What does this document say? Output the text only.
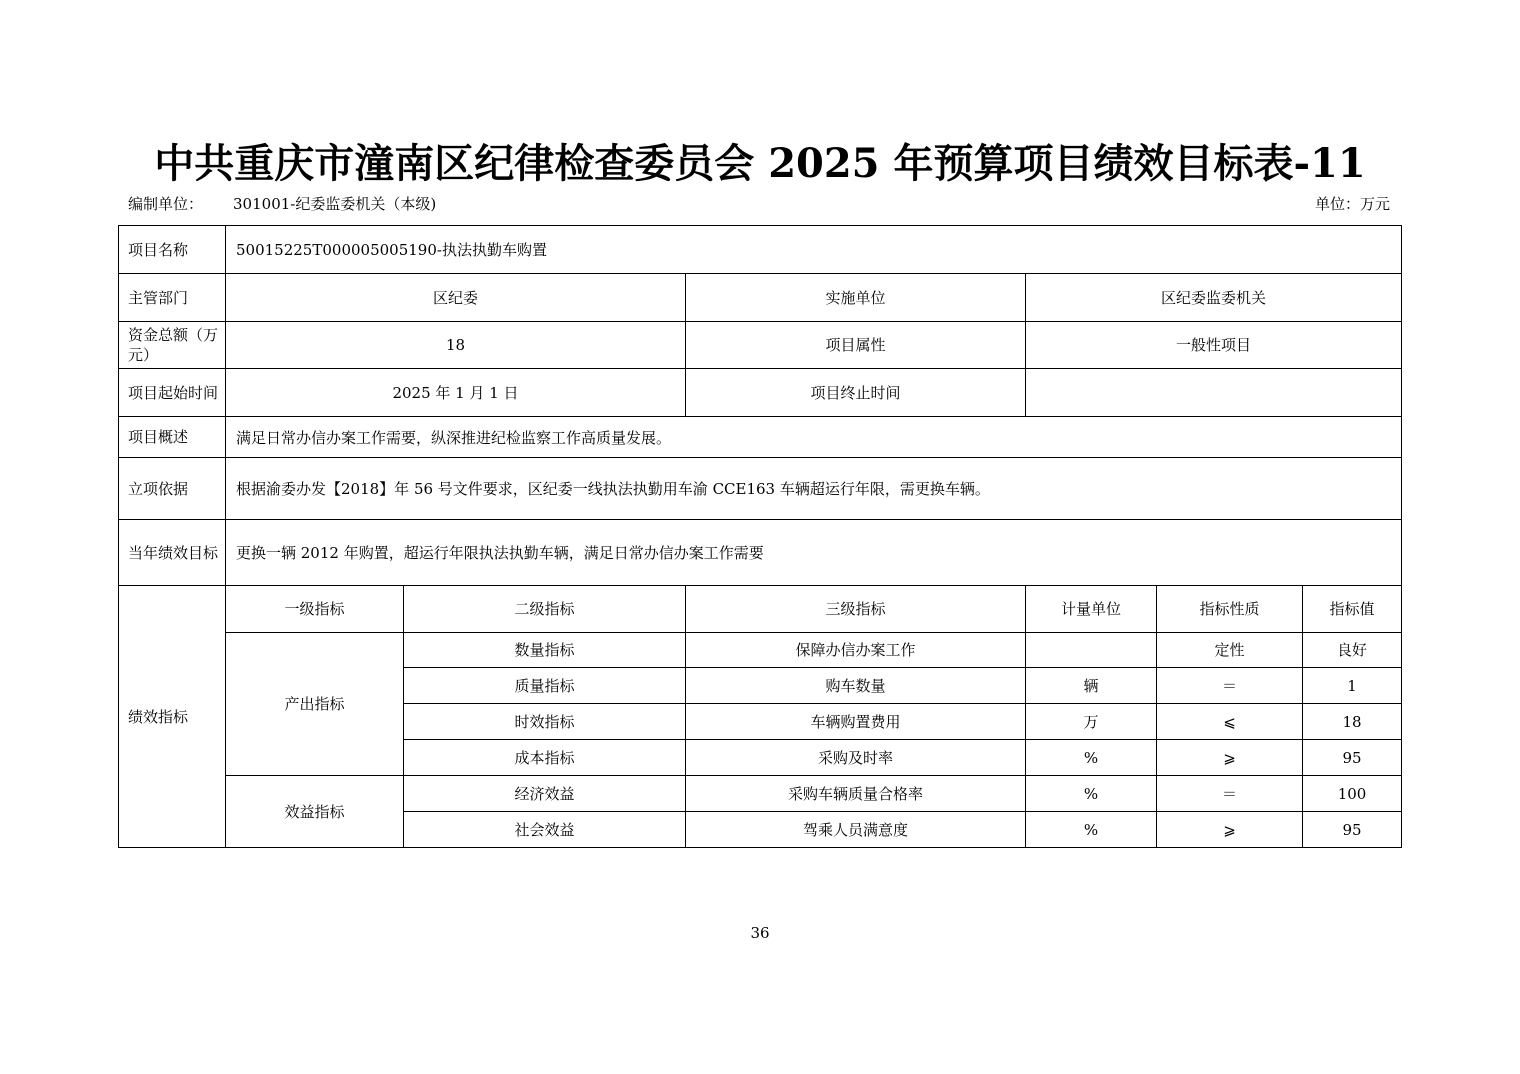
中共重庆市潼南区纪律检查委员会 2025 年预算项目绩效目标表-11
编制单位： 301001-纪委监委机关（本级)	单位：万元
项目名称	50015225T000005005190-执法执勤车购置					
主管部门	区纪委		实施单位	区纪委监委机关		
资金总额（万元）	18		项目属性	一般性项目		
项目起始时间	2025 年 1 月 1 日		项目终止时间			
项目概述	满足日常办信办案工作需要，纵深推进纪检监察工作高质量发展。					
立项依据	根据渝委办发【2018】年 56 号文件要求，区纪委一线执法执勤用车渝 CCE163 车辆超运行年限，需更换车辆。					
当年绩效目标	更换一辆 2012 年购置，超运行年限执法执勤车辆，满足日常办信办案工作需要					
绩效指标	一级指标	二级指标	三级指标	计量单位	指标性质	指标值
	产出指标	数量指标	保障办信办案工作		定性	良好
		质量指标	购车数量	辆	＝	1
		时效指标	车辆购置费用	万	⩽	18
		成本指标	采购及时率	%	⩾	95
	效益指标	经济效益	采购车辆质量合格率	%	＝	100
		社会效益	驾乘人员满意度	%	⩾	95
36
